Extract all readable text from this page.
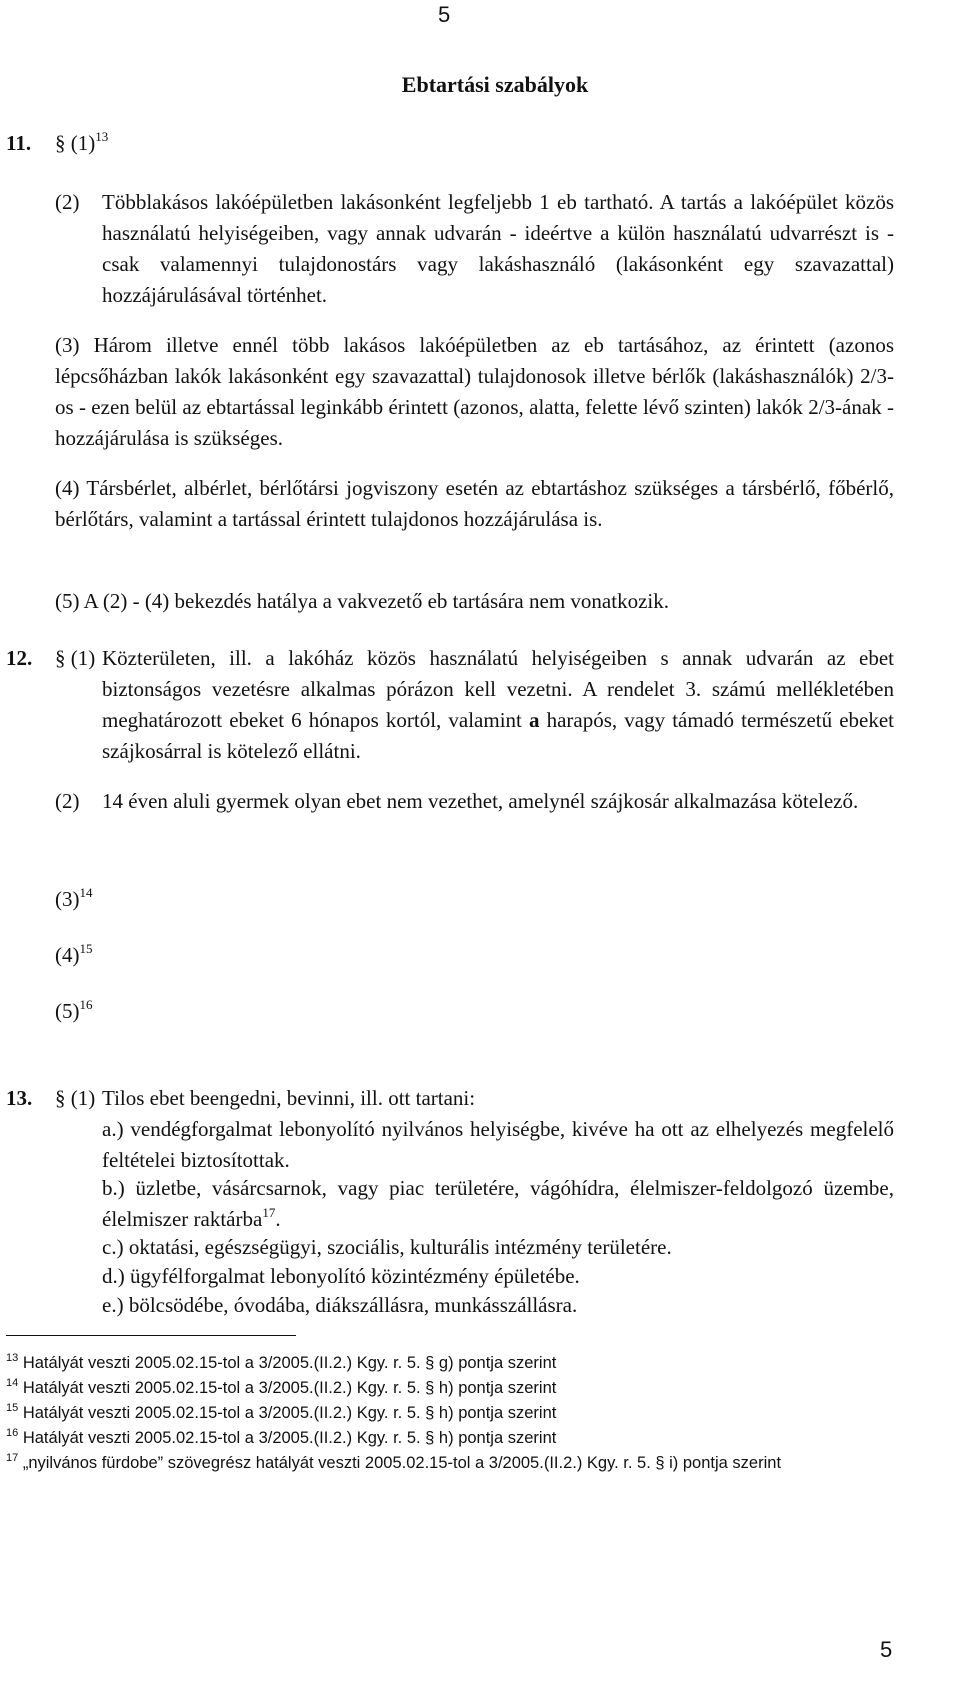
5
Ebtartási szabályok
11. § $(1)^{13}$
(2) Többlakásos lakóépületben lakásonként legfeljebb 1 eb tartható. A tartás a lakóépület közös használatú helyiségeiben, vagy annak udvarán - ideértve a külön használatú udvarrészt is - csak valamennyi tulajdonostárs vagy lakáshasználó (lakásonként egy szavazattal) hozzájárulásával történhet.
(3) Három illetve ennél több lakásos lakóépületben az eb tartásához, az érintett (azonos lépcsőházban lakók lakásonként egy szavazattal) tulajdonosok illetve bérlők (lakáshasználók) 2/3-os - ezen belül az ebtartással leginkább érintett (azonos, alatta, felette lévő szinten) lakók 2/3-ának - hozzájárulása is szükséges.
(4) Társbérlet, albérlet, bérlőtársi jogviszony esetén az ebtartáshoz szükséges a társbérlő, főbérlő, bérlőtárs, valamint a tartással érintett tulajdonos hozzájárulása is.
(5) A (2) - (4) bekezdés hatálya a vakvezető eb tartására nem vonatkozik.
12. § (1) Közterületen, ill. a lakóház közös használatú helyiségeiben s annak udvarán az ebet biztonságos vezetésre alkalmas pórázon kell vezetni. A rendelet 3. számú mellékletében meghatározott ebeket 6 hónapos kortól, valamint a harapós, vagy támadó természetű ebeket szájkosárral is kötelező ellátni.
(2) 14 éven aluli gyermek olyan ebet nem vezethet, amelynél szájkosár alkalmazása kötelező.
$(3)^{14}$
$(4)^{15}$
$(5)^{16}$
13. § (1) Tilos ebet beengedni, bevinni, ill. ott tartani:
a.) vendégforgalmat lebonyolító nyilvános helyiségbe, kivéve ha ott az elhelyezés megfelelő feltételei biztosítottak.
b.) üzletbe, vásárcsarnok, vagy piac területére, vágóhídra, élelmiszer-feldolgozó üzembe, élelmiszer raktárba$^{17}$.
c.) oktatási, egészségügyi, szociális, kulturális intézmény területére.
d.) ügyfélforgalmat lebonyolító közintézmény épületébe.
e.) bölcsödébe, óvodába, diákszállásra, munkásszállásra.
$^{13}$ Hatályát veszti 2005.02.15-tol a 3/2005.(II.2.) Kgy. r. 5. § g) pontja szerint
$^{14}$ Hatályát veszti 2005.02.15-tol a 3/2005.(II.2.) Kgy. r. 5. § h) pontja szerint
$^{15}$ Hatályát veszti 2005.02.15-tol a 3/2005.(II.2.) Kgy. r. 5. § h) pontja szerint
$^{16}$ Hatályát veszti 2005.02.15-tol a 3/2005.(II.2.) Kgy. r. 5. § h) pontja szerint
$^{17}$ „nyilvános fürdobe” szövegrész hatályát veszti 2005.02.15-tol a 3/2005.(II.2.) Kgy. r. 5. § i) pontja szerint
5
